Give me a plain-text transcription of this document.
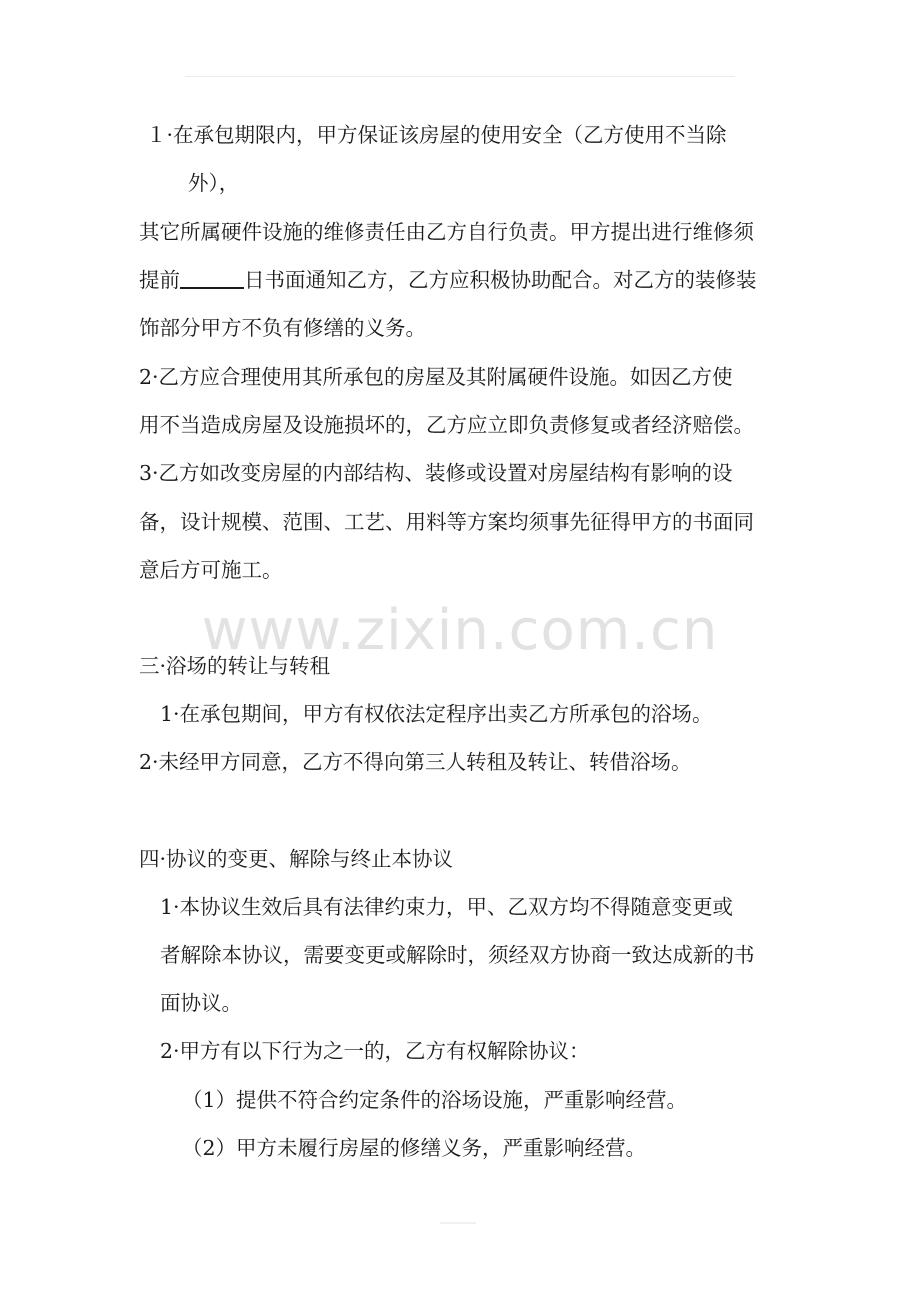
www.zixin.com.cn

１·在承包期限内，甲方保证该房屋的使用安全（乙方使用不当除

外），

其它所属硬件设施的维修责任由乙方自行负责。甲方提出进行维修须

提前	日书面通知乙方，乙方应积极协助配合。对乙方的装修装

饰部分甲方不负有修缮的义务。

2·乙方应合理使用其所承包的房屋及其附属硬件设施。如因乙方使

用不当造成房屋及设施损坏的，乙方应立即负责修复或者经济赔偿。

3·乙方如改变房屋的内部结构、装修或设置对房屋结构有影响的设

备，设计规模、范围、工艺、用料等方案均须事先征得甲方的书面同

意后方可施工。

三·浴场的转让与转租

1·在承包期间，甲方有权依法定程序出卖乙方所承包的浴场。

2·未经甲方同意，乙方不得向第三人转租及转让、转借浴场。

四·协议的变更、解除与终止本协议

1·本协议生效后具有法律约束力，甲、乙双方均不得随意变更或

者解除本协议，需要变更或解除时，须经双方协商一致达成新的书

面协议。

2·甲方有以下行为之一的，乙方有权解除协议：

（1）提供不符合约定条件的浴场设施，严重影响经营。

（2）甲方未履行房屋的修缮义务，严重影响经营。
